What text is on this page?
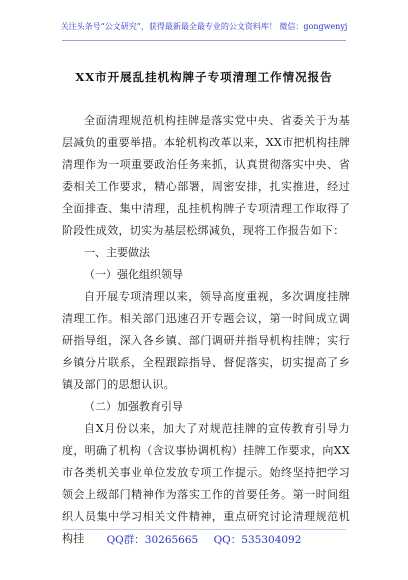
关注头条号“公文研究”，获得最新最全最专业的公文资料库！ 微信：gongwenyj
XX市开展乱挂机构牌子专项清理工作情况报告

全面清理规范机构挂牌是落实党中央、省委关于为基层减负的重要举措。本轮机构改革以来，XX市把机构挂牌清理作为一项重要政治任务来抓，认真贯彻落实中央、省委相关工作要求，精心部署，周密安排，扎实推进，经过全面排查、集中清理，乱挂机构牌子专项清理工作取得了阶段性成效，切实为基层松绑减负，现将工作报告如下：

一、主要做法

（一）强化组织领导

自开展专项清理以来，领导高度重视，多次调度挂牌清理工作。相关部门迅速召开专题会议，第一时间成立调研指导组，深入各乡镇、部门调研并指导机构挂牌；实行乡镇分片联系，全程跟踪指导、督促落实，切实提高了乡镇及部门的思想认识。

（二）加强教育引导

自X月份以来，加大了对规范挂牌的宣传教育引导力度，明确了机构（含议事协调机构）挂牌工作要求，向XX市各类机关事业单位发放专项工作提示。始终坚持把学习领会上级部门精神作为落实工作的首要任务。第一时间组织人员集中学习相关文件精神，重点研究讨论清理规范机构挂	QQ群：30265665 QQ：535304092
